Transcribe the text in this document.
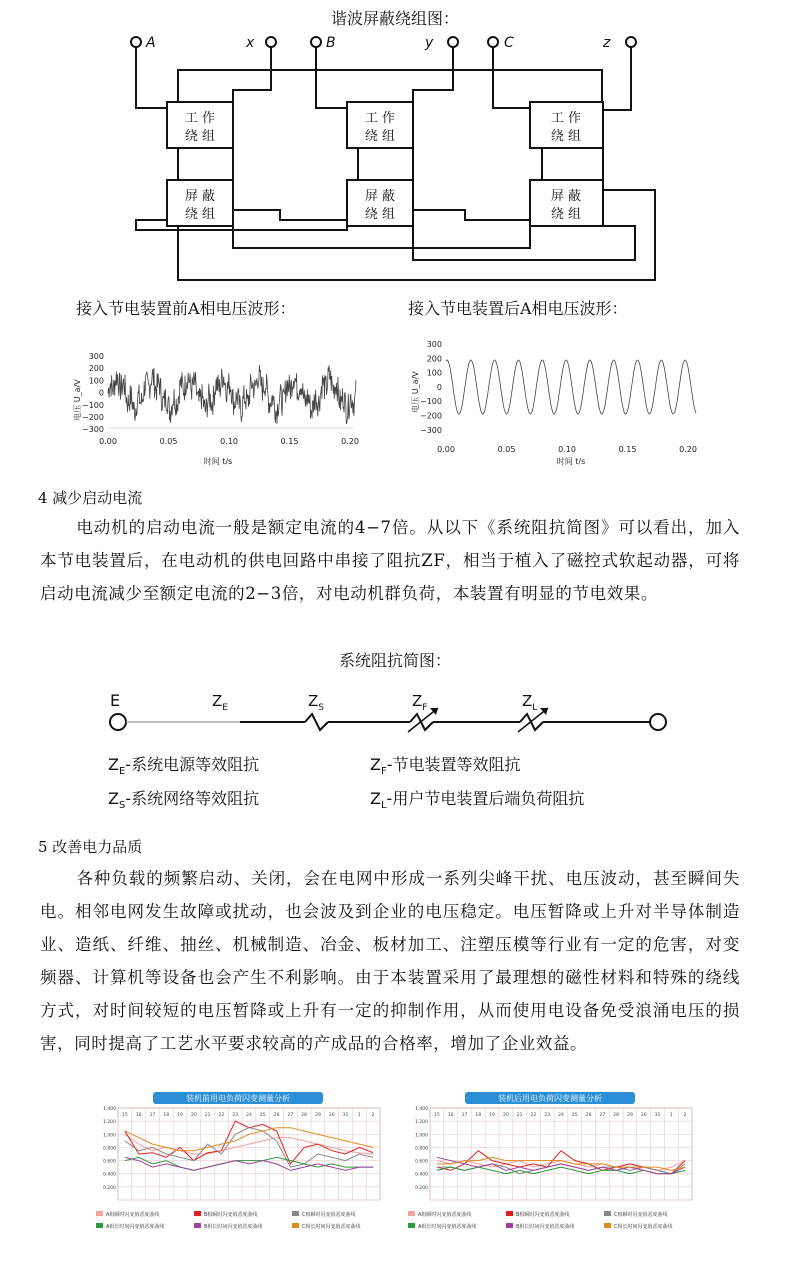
谐波屏蔽绕组图：
A	x	B	y	C	z
工 作
绕 组
工 作
绕 组
工 作
绕 组
屏 蔽
绕 组
屏 蔽
绕 组
屏 蔽
绕 组
接入节电装置前A相电压波形：	接入节电装置后A相电压波形：
300
200
100
0
−100
−200
−300
0.00	0.05	0.10	0.15	0.20
时间 t/s
电压 U_a/V
300
200
100
0
−100
−200
−300
0.00	0.05	0.10	0.15	0.20
时间 t/s
电压 U_a/V
4 减少启动电流
电动机的启动电流一般是额定电流的4−7倍。从以下《系统阻抗简图》可以看出，加入本节电装置后，在电动机的供电回路中串接了阻抗ZF，相当于植入了磁控式软起动器，可将启动电流减少至额定电流的2−3倍，对电动机群负荷，本装置有明显的节电效果。
系统阻抗简图：
E	$Z_E$	$Z_S$	$Z_F$	$Z_L$
$Z_E-$系统电源等效阻抗	$Z_F-$节电装置等效阻抗
$Z_S-$系统网络等效阻抗	$Z_L-$用户节电装置后端负荷阻抗
5 改善电力品质
各种负载的频繁启动、关闭，会在电网中形成一系列尖峰干扰、电压波动，甚至瞬间失电。相邻电网发生故障或扰动，也会波及到企业的电压稳定。电压暂降或上升对半导体制造业、造纸、纤维、抽丝、机械制造、冶金、板材加工、注塑压模等行业有一定的危害，对变频器、计算机等设备也会产生不利影响。由于本装置采用了最理想的磁性材料和特殊的绕线方式，对时间较短的电压暂降或上升有一定的抑制作用，从而使用电设备免受浪涌电压的损害，同时提高了工艺水平要求较高的产成品的合格率，增加了企业效益。
装机前用电负荷闪变测量分析
1.400
1.200
1.000
0.800
0.600
0.400
0.200
15 16 17 18 19 20 21 22 23 24 25 26 27 28 29 30 31 1 2
A相瞬时闪变值恶度曲线	B相瞬时闪变值恶度曲线	C相瞬时闪变值恶度曲线
A相长时间闪变值恶度曲线	B相长时间闪变值恶度曲线	C相长时间闪变值恶度曲线
装机后用电负荷闪变测量分析
1.400
1.200
1.000
0.800
0.600
0.400
0.200
15 16 17 18 19 20 21 22 23 24 25 26 27 28 29 30 31 1 2
A相瞬时闪变值恶度曲线	B相瞬时闪变值恶度曲线	C相瞬时闪变值恶度曲线
A相长时间闪变值恶度曲线	B相长时间闪变值恶度曲线	C相长时间闪变值恶度曲线
